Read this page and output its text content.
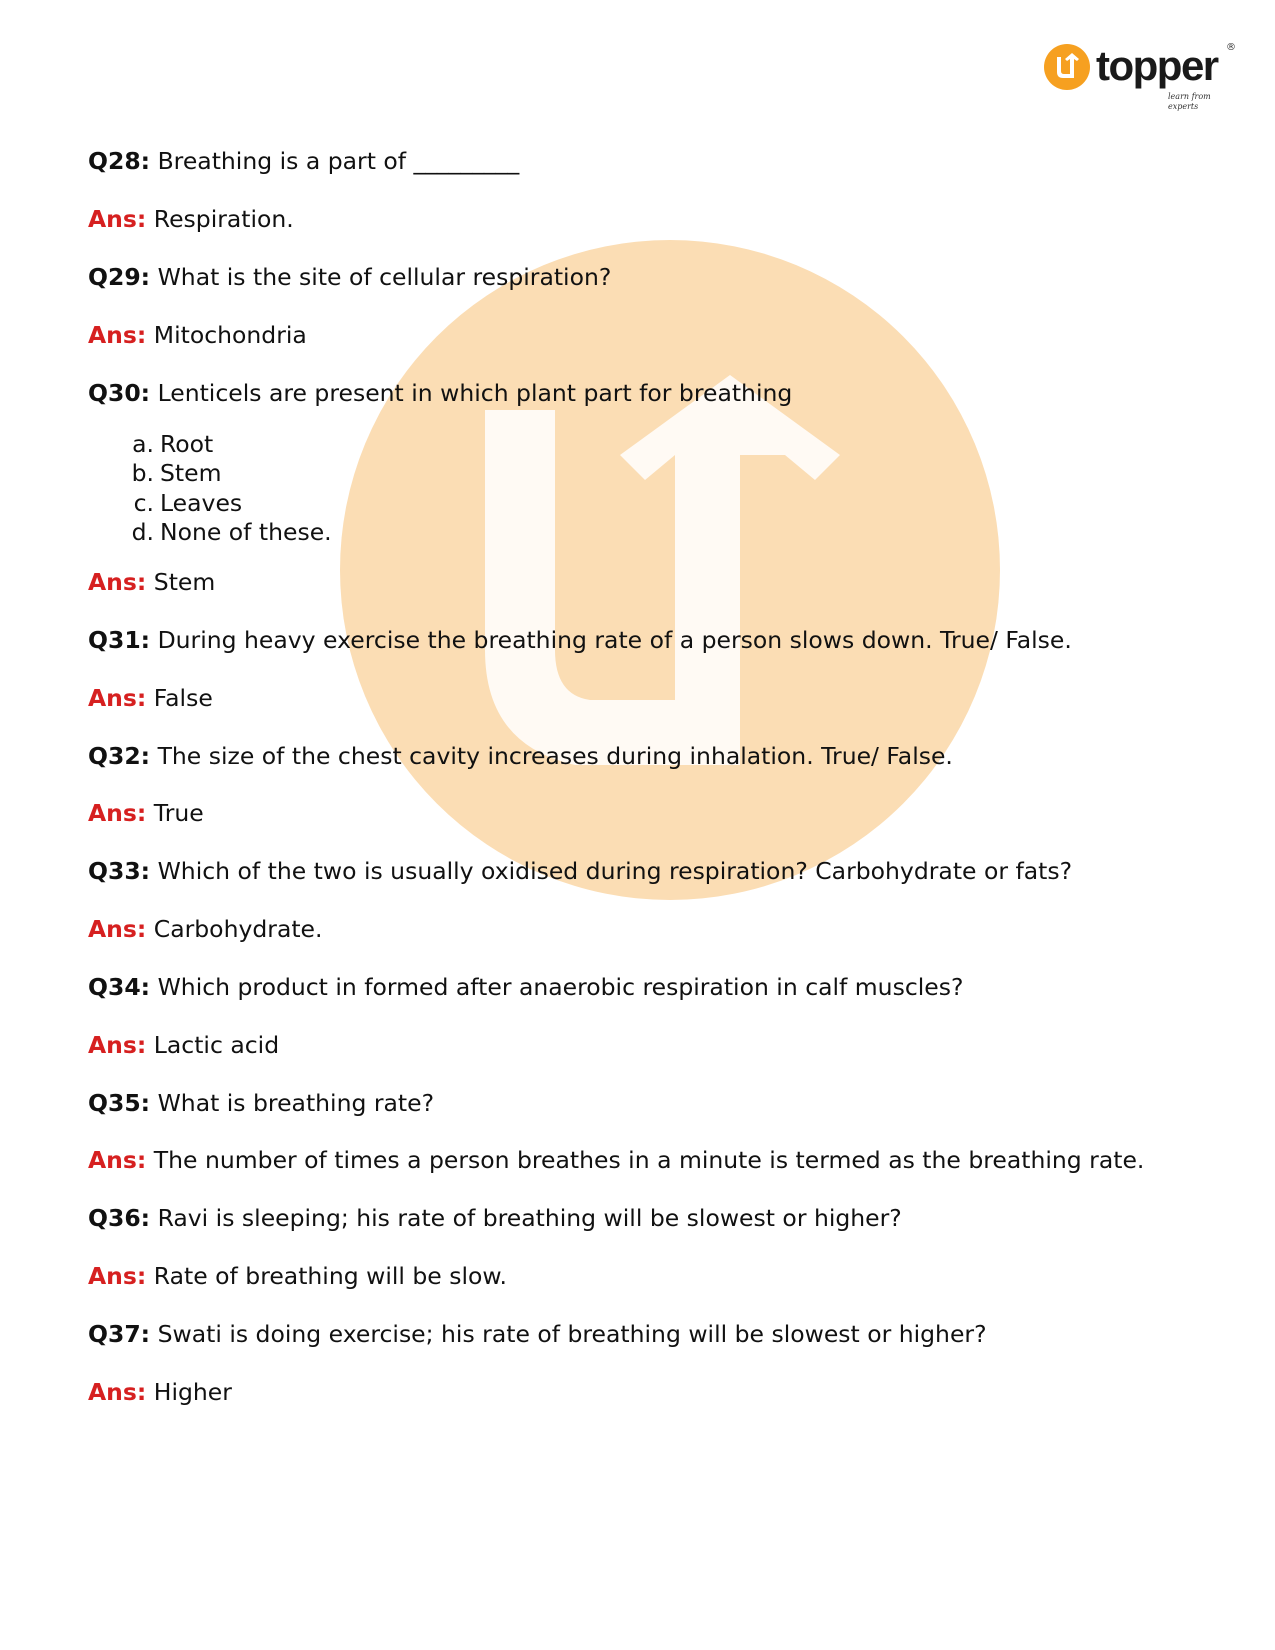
topper ®
learn from experts
Q28: Breathing is a part of _________
Ans: Respiration.
Q29: What is the site of cellular respiration?
Ans: Mitochondria
Q30: Lenticels are present in which plant part for breathing
a. Root
b. Stem
c. Leaves
d. None of these.
Ans: Stem
Q31: During heavy exercise the breathing rate of a person slows down. True/ False.
Ans: False
Q32: The size of the chest cavity increases during inhalation. True/ False.
Ans: True
Q33: Which of the two is usually oxidised during respiration? Carbohydrate or fats?
Ans: Carbohydrate.
Q34: Which product in formed after anaerobic respiration in calf muscles?
Ans: Lactic acid
Q35: What is breathing rate?
Ans: The number of times a person breathes in a minute is termed as the breathing rate.
Q36: Ravi is sleeping; his rate of breathing will be slowest or higher?
Ans: Rate of breathing will be slow.
Q37: Swati is doing exercise; his rate of breathing will be slowest or higher?
Ans: Higher
